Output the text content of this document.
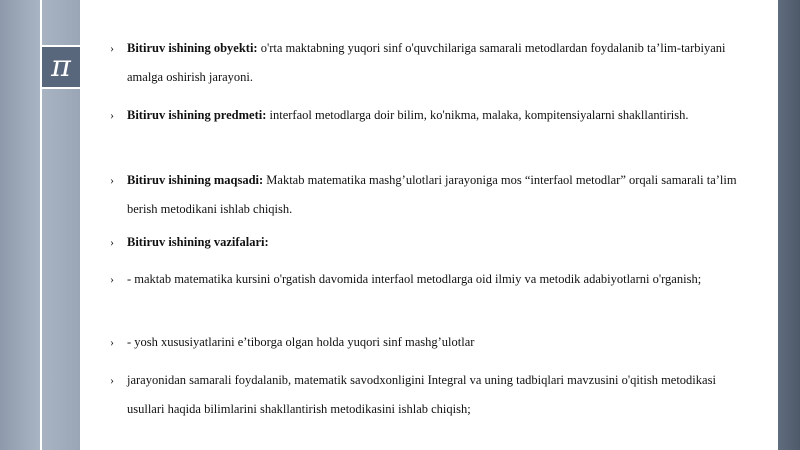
π
›	Bitiruv ishining obyekti: o'rta maktabning yuqori sinf o'quvchilariga samarali metodlardan foydalanib ta’lim-tarbiyani amalga oshirish jarayoni.
›	Bitiruv ishining predmeti: interfaol metodlarga doir bilim, ko'nikma, malaka, kompitensiyalarni shakllantirish.
›	Bitiruv ishining maqsadi: Maktab matematika mashg’ulotlari jarayoniga mos “interfaol metodlar” orqali samarali ta’lim berish metodikani ishlab chiqish.
›	Bitiruv ishining vazifalari:
›	- maktab matematika kursini o'rgatish davomida interfaol metodlarga oid ilmiy va metodik adabiyotlarni o'rganish;
›	- yosh xususiyatlarini e’tiborga olgan holda yuqori sinf mashg’ulotlar
›	jarayonidan samarali foydalanib, matematik savodxonligini Integral va uning tadbiqlari mavzusini o'qitish metodikasi usullari haqida bilimlarini shakllantirish metodikasini ishlab chiqish;
